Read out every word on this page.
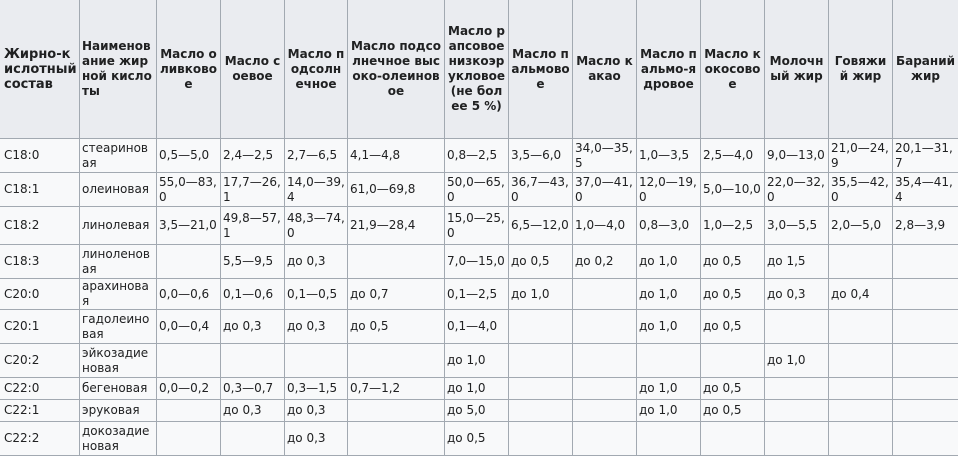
Жирно-кислотный состав	Наименование жирной кислоты	Масло оливковое	Масло соевое	Масло подсолнечное	Масло подсолнечное высоко-олеиновое	Масло рапсовое низкоэрукловое (не более 5 %)	Масло пальмовое	Масло какао	Масло пальмо-ядровое	Масло кокосовое	Молочный жир	Говяжий жир	Бараний жир
C18:0	стеариновая	0,5—5,0	2,4—2,5	2,7—6,5	4,1—4,8	0,8—2,5	3,5—6,0	34,0—35,5	1,0—3,5	2,5—4,0	9,0—13,0	21,0—24,9	20,1—31,7
C18:1	олеиновая	55,0—83,0	17,7—26,1	14,0—39,4	61,0—69,8	50,0—65,0	36,7—43,0	37,0—41,0	12,0—19,0	5,0—10,0	22,0—32,0	35,5—42,0	35,4—41,4
C18:2	линолевая	3,5—21,0	49,8—57,1	48,3—74,0	21,9—28,4	15,0—25,0	6,5—12,0	1,0—4,0	0,8—3,0	1,0—2,5	3,0—5,5	2,0—5,0	2,8—3,9
C18:3	линоленовая		5,5—9,5	до 0,3		7,0—15,0	до 0,5	до 0,2	до 1,0	до 0,5	до 1,5		
C20:0	арахиновая	0,0—0,6	0,1—0,6	0,1—0,5	до 0,7	0,1—2,5	до 1,0		до 1,0	до 0,5	до 0,3	до 0,4	
C20:1	гадолеиновая	0,0—0,4	до 0,3	до 0,3	до 0,5	0,1—4,0			до 1,0	до 0,5			
C20:2	эйкозадиеновая					до 1,0					до 1,0		
C22:0	бегеновая	0,0—0,2	0,3—0,7	0,3—1,5	0,7—1,2	до 1,0			до 1,0	до 0,5			
C22:1	эруковая		до 0,3	до 0,3		до 5,0			до 1,0	до 0,5			
C22:2	докозадиеновая			до 0,3		до 0,5							
